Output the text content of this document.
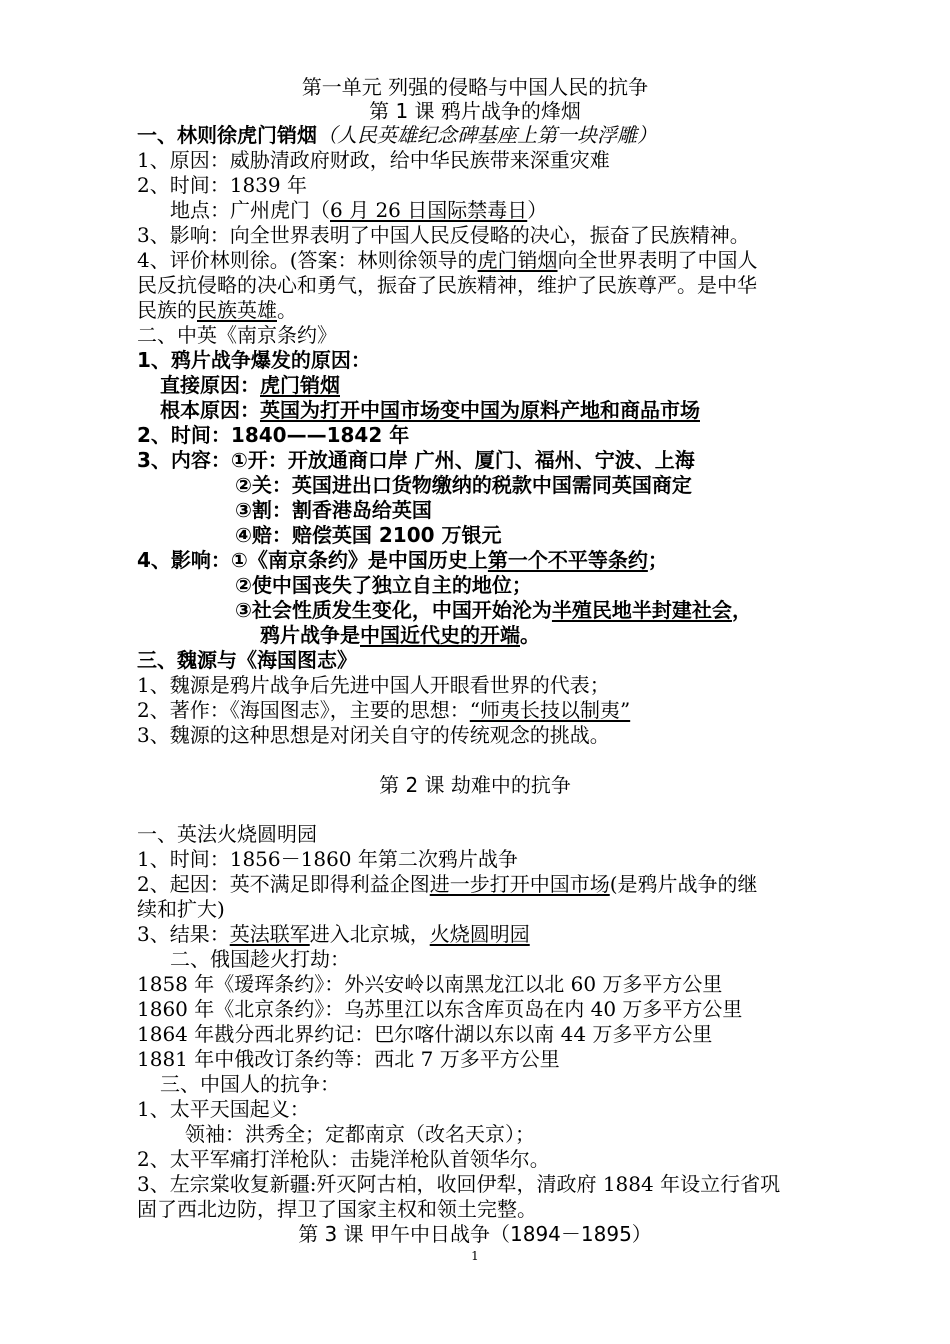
第一单元 列强的侵略与中国人民的抗争
第 1 课 鸦片战争的烽烟
一、林则徐虎门销烟（人民英雄纪念碑基座上第一块浮雕）
1、原因：威胁清政府财政，给中华民族带来深重灾难
2、时间：1839 年
地点：广州虎门（6 月 26 日国际禁毒日）
3、影响：向全世界表明了中国人民反侵略的决心，振奋了民族精神。
4、评价林则徐。(答案：林则徐领导的虎门销烟向全世界表明了中国人
民反抗侵略的决心和勇气，振奋了民族精神，维护了民族尊严。是中华
民族的民族英雄。
二、中英《南京条约》
1、鸦片战争爆发的原因：
直接原因：虎门销烟
根本原因：英国为打开中国市场变中国为原料产地和商品市场
2、时间：1840——1842 年
3、内容：①开：开放通商口岸 广州、厦门、福州、宁波、上海
②关：英国进出口货物缴纳的税款中国需同英国商定
③割：割香港岛给英国
④赔：赔偿英国 2100 万银元
4、影响：①《南京条约》是中国历史上第一个不平等条约；
②使中国丧失了独立自主的地位；
③社会性质发生变化，中国开始沦为半殖民地半封建社会，
鸦片战争是中国近代史的开端。
三、魏源与《海国图志》
1、魏源是鸦片战争后先进中国人开眼看世界的代表；
2、著作：《海国图志》，主要的思想：“师夷长技以制夷”
3、魏源的这种思想是对闭关自守的传统观念的挑战。
第 2 课 劫难中的抗争
一、英法火烧圆明园
1、时间：1856－1860 年第二次鸦片战争
2、起因：英不满足即得利益企图进一步打开中国市场(是鸦片战争的继
续和扩大)
3、结果：英法联军进入北京城，火烧圆明园
二、俄国趁火打劫：
1858 年《瑷珲条约》：外兴安岭以南黑龙江以北 60 万多平方公里
1860 年《北京条约》：乌苏里江以东含库页岛在内 40 万多平方公里
1864 年戡分西北界约记：巴尔喀什湖以东以南 44 万多平方公里
1881 年中俄改订条约等：西北 7 万多平方公里
三、中国人的抗争：
1、太平天国起义：
领袖：洪秀全；定都南京（改名天京）；
2、太平军痛打洋枪队：击毙洋枪队首领华尔。
3、左宗棠收复新疆:歼灭阿古柏，收回伊犁，清政府 1884 年设立行省巩
固了西北边防，捍卫了国家主权和领土完整。
第 3 课 甲午中日战争（1894－1895）
1
